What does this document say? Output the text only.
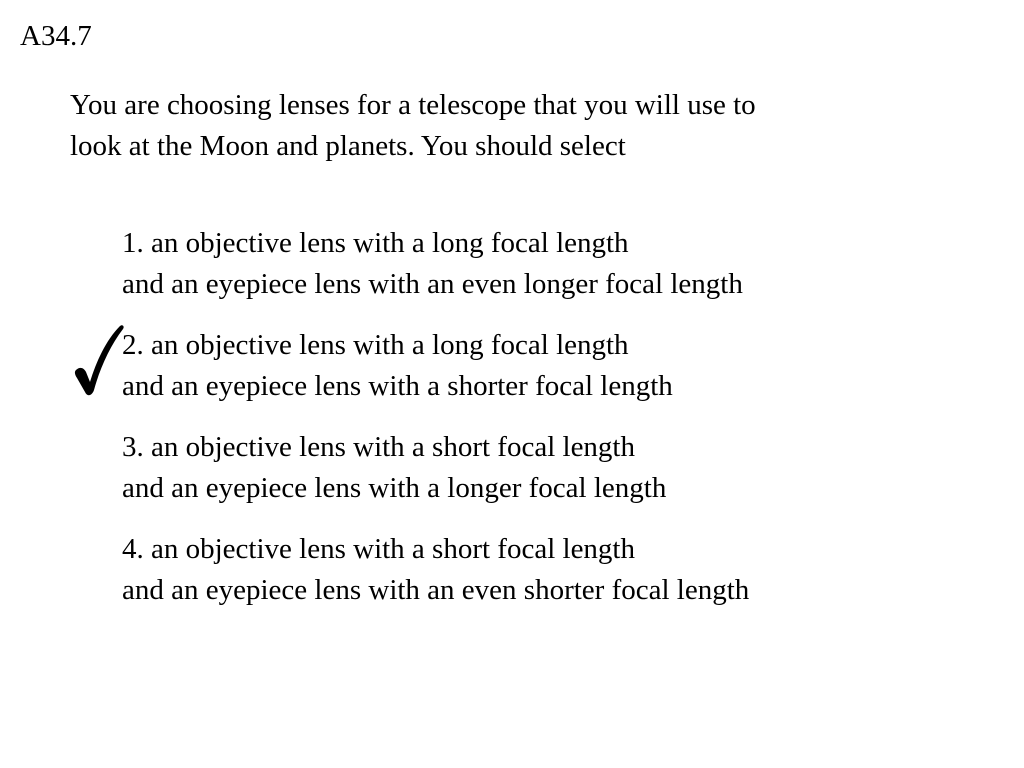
A34.7
You are choosing lenses for a telescope that you will use to
look at the Moon and planets. You should select
1. an objective lens with a long focal length
and an eyepiece lens with an even longer focal length
2. an objective lens with a long focal length
and an eyepiece lens with a shorter focal length
3. an objective lens with a short focal length
and an eyepiece lens with a longer focal length
4. an objective lens with a short focal length
and an eyepiece lens with an even shorter focal length
